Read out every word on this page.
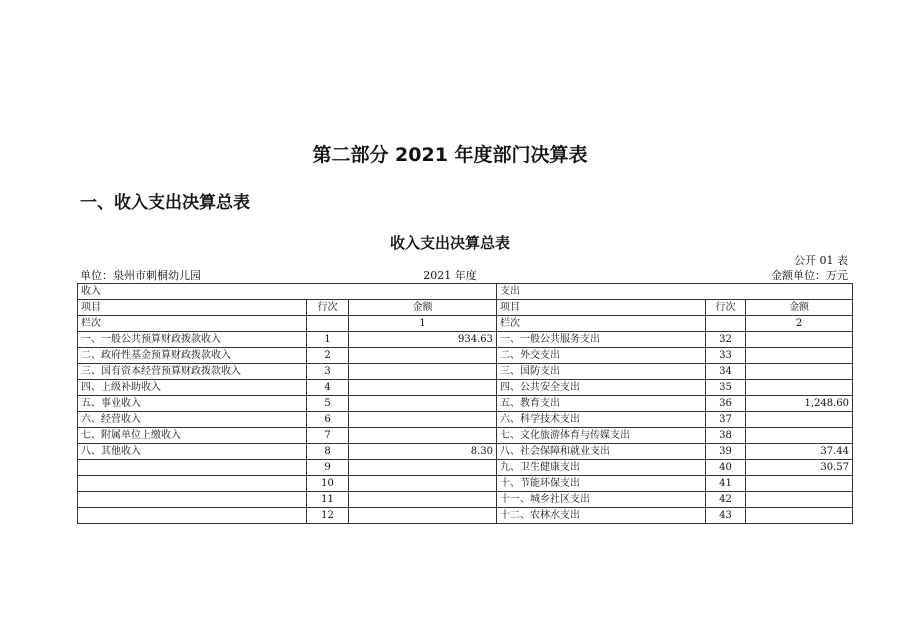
第二部分 2021 年度部门决算表
一、收入支出决算总表
收入支出决算总表
公开 01 表
单位：泉州市刺桐幼儿园	2021 年度	金额单位：万元
收入			支出		
项目	行次	金额	项目	行次	金额
栏次		1	栏次		2
一、一般公共预算财政拨款收入	1	934.63	一、一般公共服务支出	32	
二、政府性基金预算财政拨款收入	2		二、外交支出	33	
三、国有资本经营预算财政拨款收入	3		三、国防支出	34	
四、上级补助收入	4		四、公共安全支出	35	
五、事业收入	5		五、教育支出	36	1,248.60
六、经营收入	6		六、科学技术支出	37	
七、附属单位上缴收入	7		七、文化旅游体育与传媒支出	38	
八、其他收入	8	8.30	八、社会保障和就业支出	39	37.44
	9		九、卫生健康支出	40	30.57
	10		十、节能环保支出	41	
	11		十一、城乡社区支出	42	
	12		十二、农林水支出	43	
